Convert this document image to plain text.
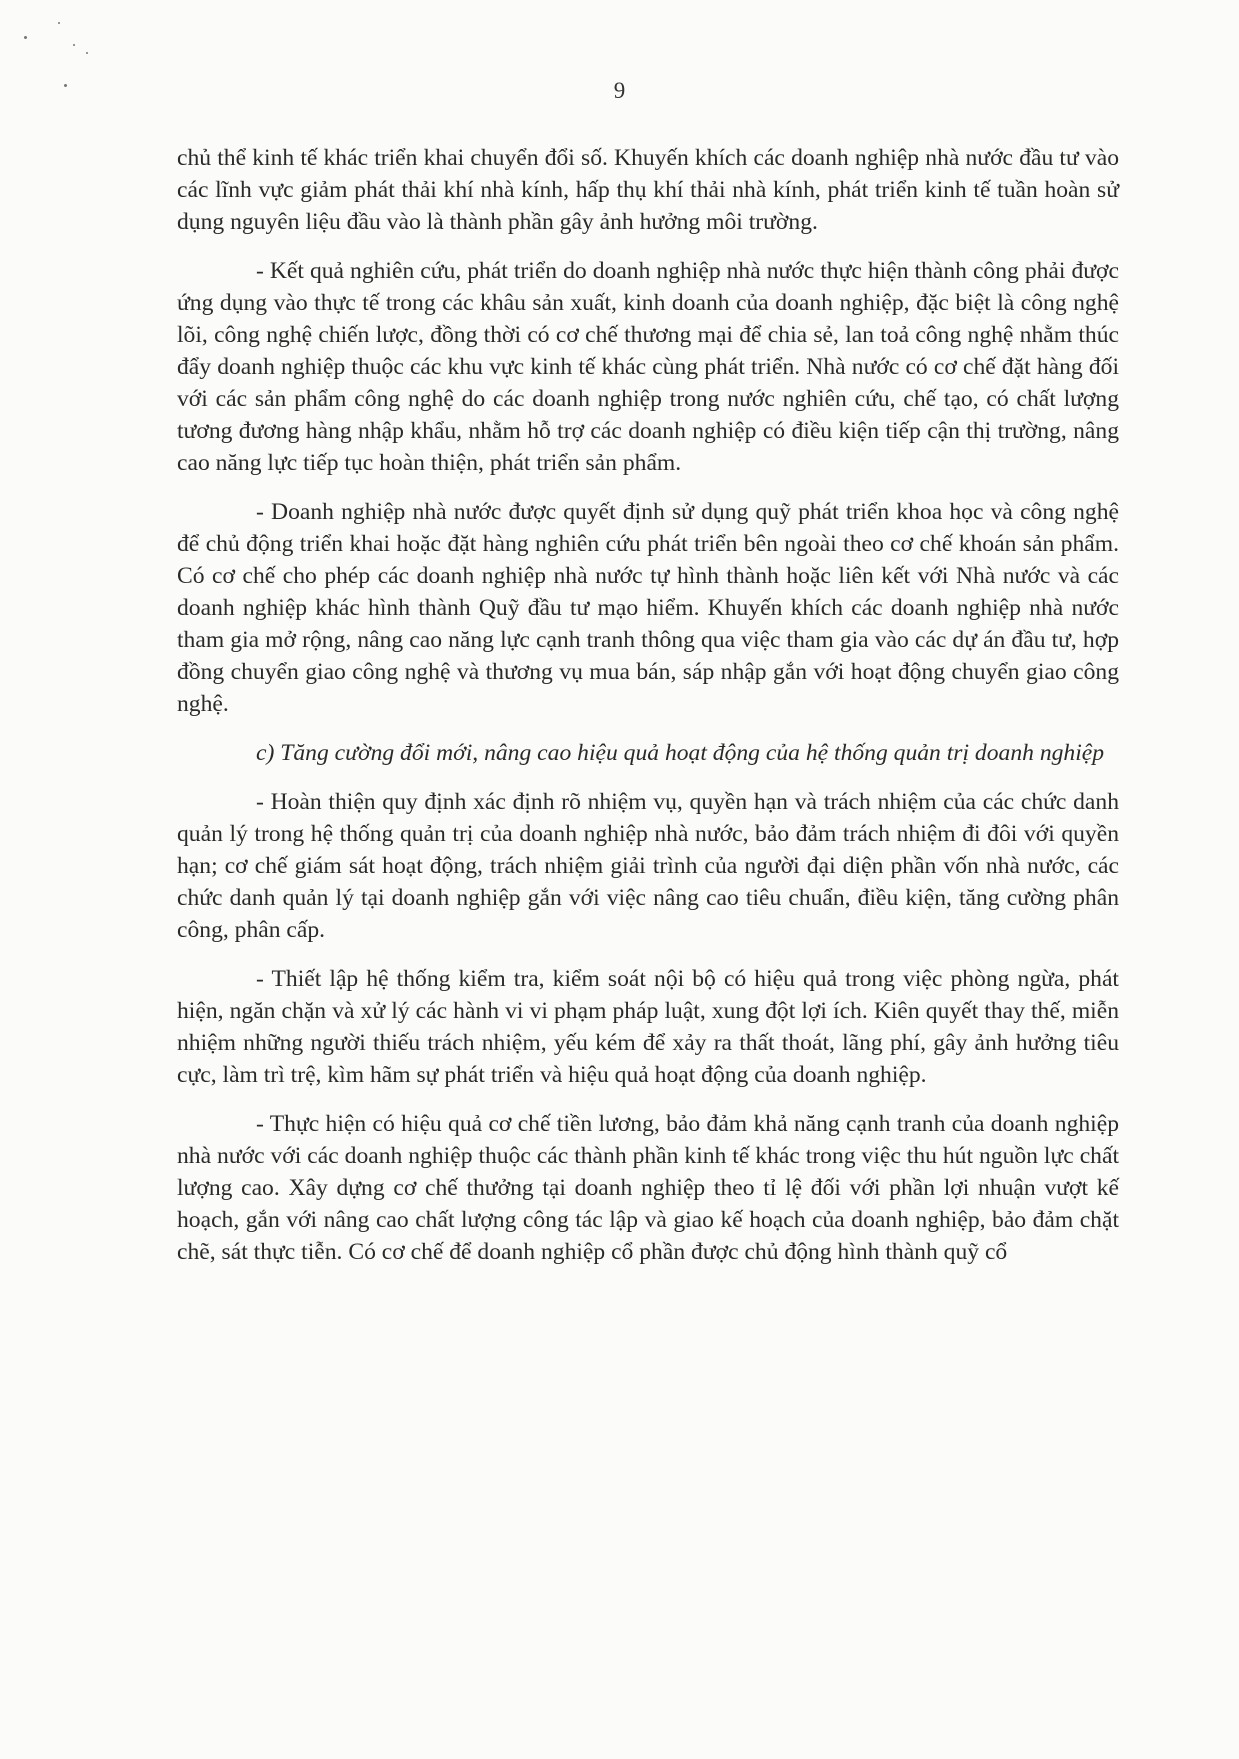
9

chủ thể kinh tế khác triển khai chuyển đổi số. Khuyến khích các doanh nghiệp nhà nước đầu tư vào các lĩnh vực giảm phát thải khí nhà kính, hấp thụ khí thải nhà kính, phát triển kinh tế tuần hoàn sử dụng nguyên liệu đầu vào là thành phần gây ảnh hưởng môi trường.

- Kết quả nghiên cứu, phát triển do doanh nghiệp nhà nước thực hiện thành công phải được ứng dụng vào thực tế trong các khâu sản xuất, kinh doanh của doanh nghiệp, đặc biệt là công nghệ lõi, công nghệ chiến lược, đồng thời có cơ chế thương mại để chia sẻ, lan toả công nghệ nhằm thúc đẩy doanh nghiệp thuộc các khu vực kinh tế khác cùng phát triển. Nhà nước có cơ chế đặt hàng đối với các sản phẩm công nghệ do các doanh nghiệp trong nước nghiên cứu, chế tạo, có chất lượng tương đương hàng nhập khẩu, nhằm hỗ trợ các doanh nghiệp có điều kiện tiếp cận thị trường, nâng cao năng lực tiếp tục hoàn thiện, phát triển sản phẩm.

- Doanh nghiệp nhà nước được quyết định sử dụng quỹ phát triển khoa học và công nghệ để chủ động triển khai hoặc đặt hàng nghiên cứu phát triển bên ngoài theo cơ chế khoán sản phẩm. Có cơ chế cho phép các doanh nghiệp nhà nước tự hình thành hoặc liên kết với Nhà nước và các doanh nghiệp khác hình thành Quỹ đầu tư mạo hiểm. Khuyến khích các doanh nghiệp nhà nước tham gia mở rộng, nâng cao năng lực cạnh tranh thông qua việc tham gia vào các dự án đầu tư, hợp đồng chuyển giao công nghệ và thương vụ mua bán, sáp nhập gắn với hoạt động chuyển giao công nghệ.

c) Tăng cường đổi mới, nâng cao hiệu quả hoạt động của hệ thống quản trị doanh nghiệp

- Hoàn thiện quy định xác định rõ nhiệm vụ, quyền hạn và trách nhiệm của các chức danh quản lý trong hệ thống quản trị của doanh nghiệp nhà nước, bảo đảm trách nhiệm đi đôi với quyền hạn; cơ chế giám sát hoạt động, trách nhiệm giải trình của người đại diện phần vốn nhà nước, các chức danh quản lý tại doanh nghiệp gắn với việc nâng cao tiêu chuẩn, điều kiện, tăng cường phân công, phân cấp.

- Thiết lập hệ thống kiểm tra, kiểm soát nội bộ có hiệu quả trong việc phòng ngừa, phát hiện, ngăn chặn và xử lý các hành vi vi phạm pháp luật, xung đột lợi ích. Kiên quyết thay thế, miễn nhiệm những người thiếu trách nhiệm, yếu kém để xảy ra thất thoát, lãng phí, gây ảnh hưởng tiêu cực, làm trì trệ, kìm hãm sự phát triển và hiệu quả hoạt động của doanh nghiệp.

- Thực hiện có hiệu quả cơ chế tiền lương, bảo đảm khả năng cạnh tranh của doanh nghiệp nhà nước với các doanh nghiệp thuộc các thành phần kinh tế khác trong việc thu hút nguồn lực chất lượng cao. Xây dựng cơ chế thưởng tại doanh nghiệp theo tỉ lệ đối với phần lợi nhuận vượt kế hoạch, gắn với nâng cao chất lượng công tác lập và giao kế hoạch của doanh nghiệp, bảo đảm chặt chẽ, sát thực tiễn. Có cơ chế để doanh nghiệp cổ phần được chủ động hình thành quỹ cổ
